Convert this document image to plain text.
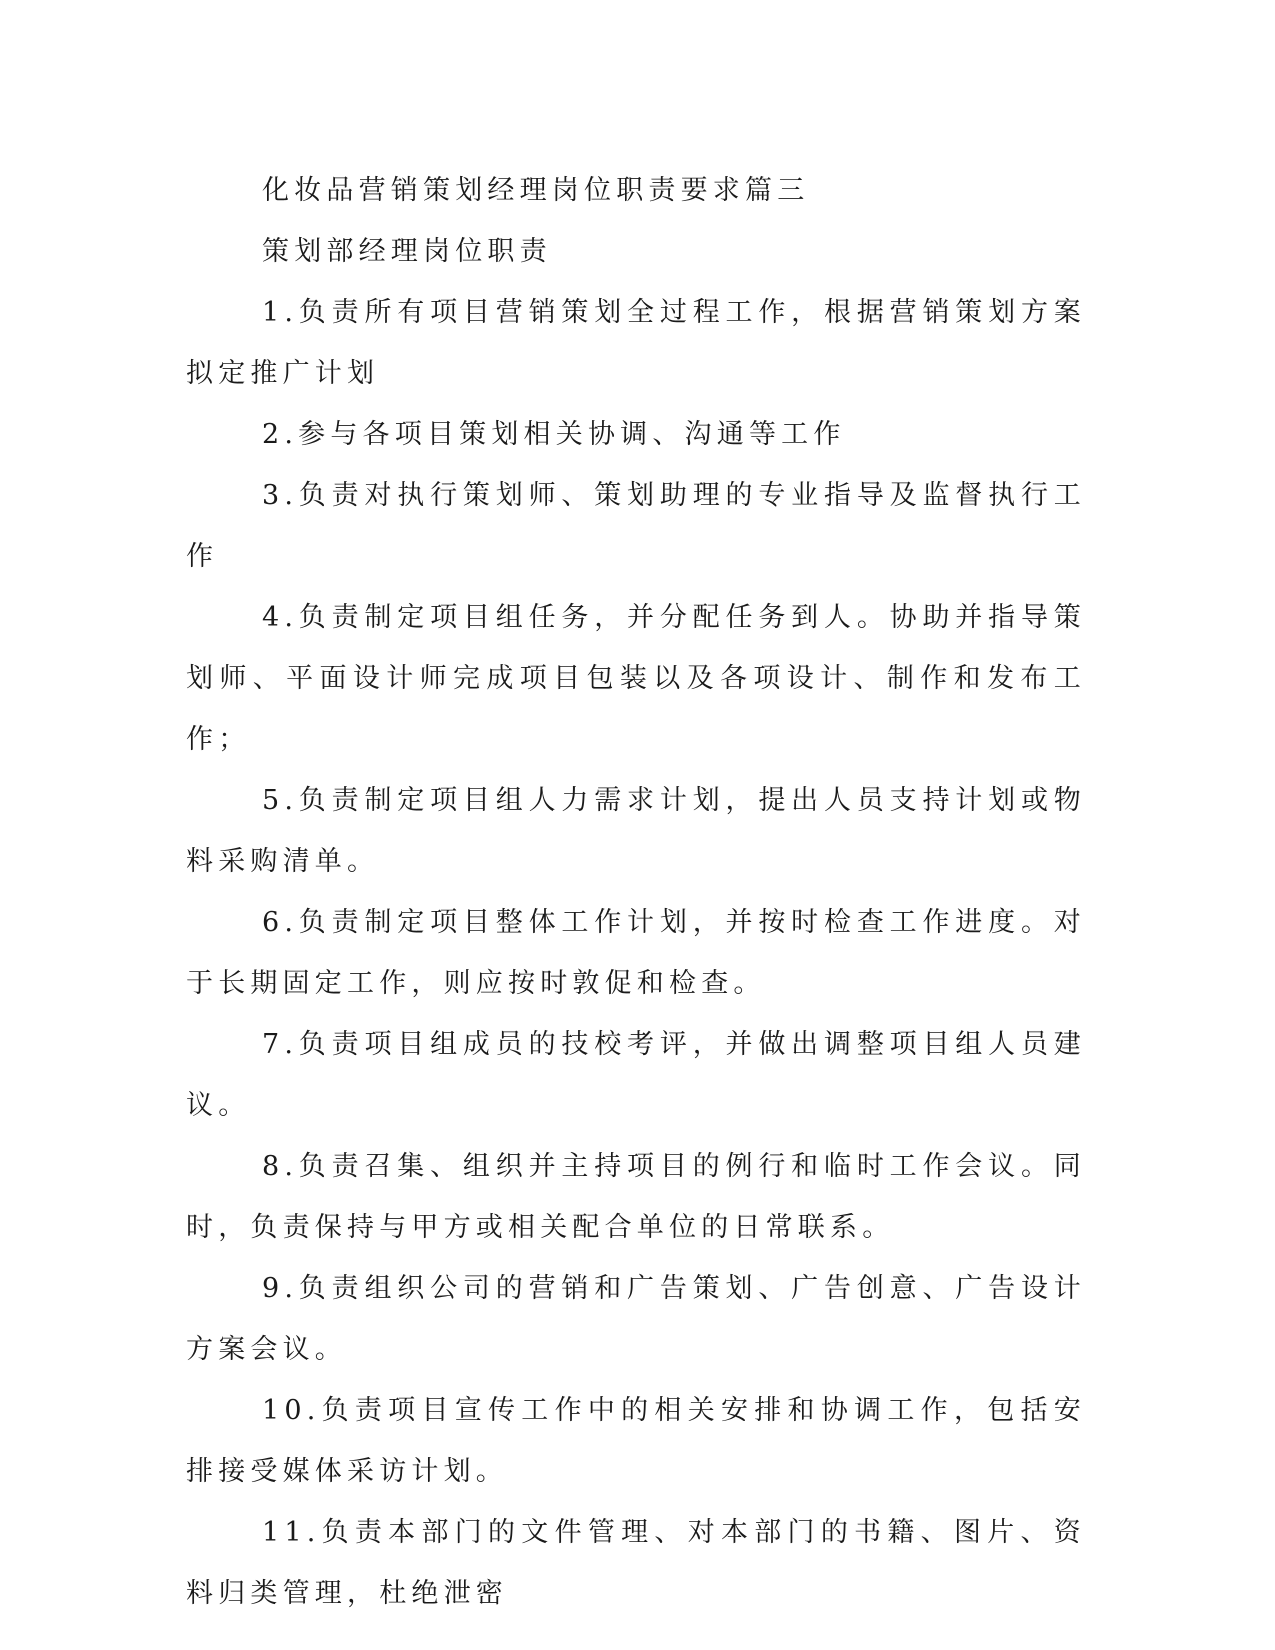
化妆品营销策划经理岗位职责要求篇三

策划部经理岗位职责

1.负责所有项目营销策划全过程工作，根据营销策划方案拟定推广计划

2.参与各项目策划相关协调、沟通等工作

3.负责对执行策划师、策划助理的专业指导及监督执行工作

4.负责制定项目组任务，并分配任务到人。协助并指导策划师、平面设计师完成项目包装以及各项设计、制作和发布工作；

5.负责制定项目组人力需求计划，提出人员支持计划或物料采购清单。

6.负责制定项目整体工作计划，并按时检查工作进度。对于长期固定工作，则应按时敦促和检查。

7.负责项目组成员的技校考评，并做出调整项目组人员建议。

8.负责召集、组织并主持项目的例行和临时工作会议。同时，负责保持与甲方或相关配合单位的日常联系。

9.负责组织公司的营销和广告策划、广告创意、广告设计方案会议。

10.负责项目宣传工作中的相关安排和协调工作，包括安排接受媒体采访计划。

11.负责本部门的文件管理、对本部门的书籍、图片、资料归类管理，杜绝泄密
